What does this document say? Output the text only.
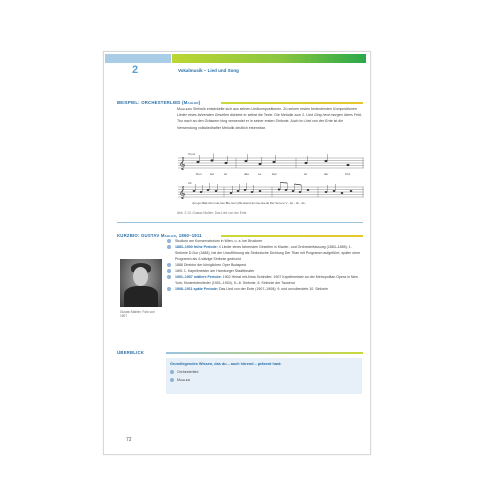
2	Vokalmusik – Lied und Song
BEISPIEL: ORCHESTERLIED (Mahler)
Mahlers Sinfonik entwickelte sich aus seinen Liedkompositionen. Zu seinen ersten bedeutenden Kompositionen Lieder eines fahrenden Gesellen dichtete er selbst die Texte. Die Melodie zum 2. Lied Ging heut morgen übers Feld, Tou nach an den Grässern hing verwendet er in seiner ersten Sinfonie. Auch im Lied von der Erde ist die Verwendung volksliedhafter Melodik deutlich erkennbar.
𝄞
Tenor
Dun	kel	ist	das	Le	ben	ist	der	Tod.
𝄞
Alt
Jun-ge Mäd-chen ste-hen Blu-men pflü-ckend am Ge-sta-de Der Son-ne V - fer - tin - de,
Abb. 2.13: Gustav Mahler, Das Lied von der Erde
KURZBIO: GUSTAV Mahler, 1860–1911
Gustav Mahler, Foto von 1907
Studium am Konservatorium in Wien, u. a. bei Bruckner
1883–1900 frühe Periode: 4 Lieder eines fahrenden Gesellen in Klavier- und Orchesterfassung (1883–1885); 1. Sinfonie D-Dur (1888), bei der Uraufführung als Sinfonische Dichtung Der Titan mit Programm aufgeführt, später ohne Programm als 4-sätzige Sinfonie gedruckt
1888 Direktor der königlichen Oper Budapest
1891 1. Kapellmeister am Hamburger Stadttheater
1901–1907 mittlere Periode: 1902 Heirat mit Alma Schindler; 1907 Kapellmeister an der Metropolitan Opera in New York; Kindertotenlieder (1901–1904), 5.–8. Sinfonie, 8. Sinfonie der Tausend
1908–1911 späte Periode: Das Lied von der Erde (1907–1908); 9. und unvollendete 10. Sinfonie
ÜBERBLICK
Grundlegendes Wissen, das du – auch hörend – präsent hast:
Orchesterlied
Mahler
72
